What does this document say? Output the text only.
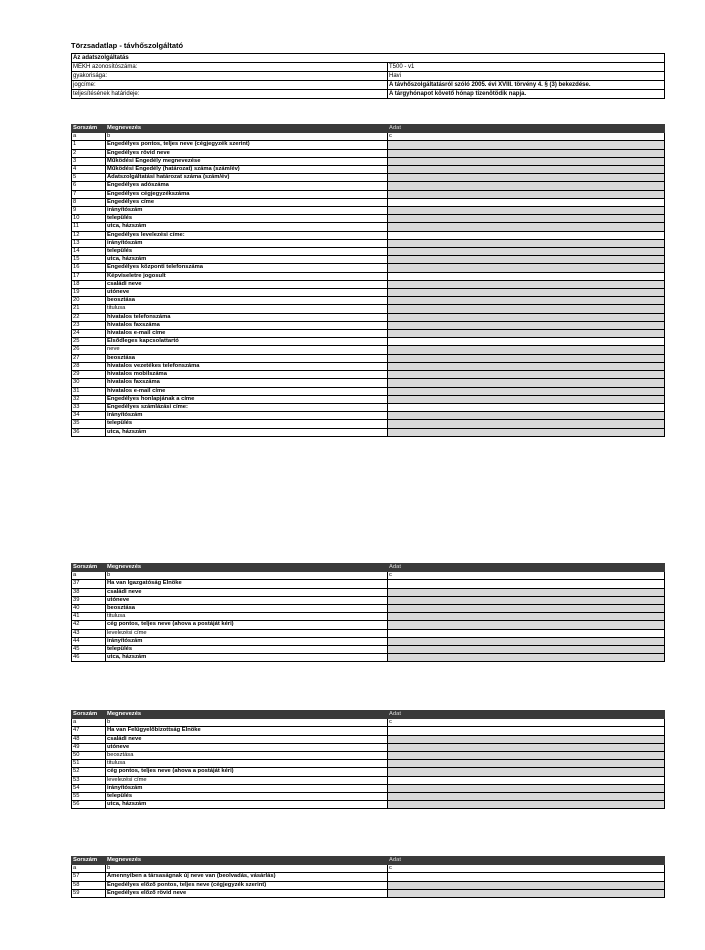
Törzsadatlap - távhőszolgáltató
Az adatszolgáltatás	
MEKH azonosítószáma:	T500 - v1
gyakorisága:	Havi
jogcíme:	A távhőszolgáltatásról szóló 2005. évi XVIII. törvény 4. § (3) bekezdése.
teljesítésének határideje:	A tárgyhónapot követő hónap tizenötödik napja.
Sorszám	Megnevezés	Adat
a	b	c
1	Engedélyes pontos, teljes neve (cégjegyzék szerint)	
2	Engedélyes rövid neve	
3	Működési Engedély megnevezése	
4	Működési Engedély (határozat) száma (szám/év)	
5	Adatszolgáltatási határozat száma (szám/év)	
6	Engedélyes adószáma	
7	Engedélyes cégjegyzékszáma	
8	Engedélyes címe	
9	irányítószám	
10	település	
11	utca, házszám	
12	Engedélyes levelezési címe:	
13	irányítószám	
14	település	
15	utca, házszám	
16	Engedélyes központi telefonszáma	
17	Képviseletre jogosult	
18	családi neve	
19	utóneve	
20	beosztása	
21	titulusa	
22	hivatalos telefonszáma	
23	hivatalos faxszáma	
24	hivatalos e-mail címe	
25	Elsődleges kapcsolattartó	
26	neve	
27	beosztása	
28	hivatalos vezetékes telefonszáma	
29	hivatalos mobilszáma	
30	hivatalos faxszáma	
31	hivatalos e-mail címe	
32	Engedélyes honlapjának a címe	
33	Engedélyes számlázási címe:	
34	irányítószám	
35	település	
36	utca, házszám	
Sorszám	Megnevezés	Adat
a	b	c
37	Ha van Igazgatóság Elnöke	
38	családi neve	
39	utóneve	
40	beosztása	
41	titulusa	
42	cég pontos, teljes neve (ahova a postáját kéri)	
43	levelezési címe	
44	irányítószám	
45	település	
46	utca, házszám	
Sorszám	Megnevezés	Adat
a	b	c
47	Ha van Felügyelőbizottság Elnöke	
48	családi neve	
49	utóneve	
50	beosztása	
51	titulusa	
52	cég pontos, teljes neve (ahova a postáját kéri)	
53	levelezési címe	
54	irányítószám	
55	település	
56	utca, házszám	
Sorszám	Megnevezés	Adat
a	b	c
57	Amennyiben a társaságnak új neve van (beolvadás, vásárlás)	
58	Engedélyes előző pontos, teljes neve (cégjegyzék szerint)	
59	Engedélyes előző rövid neve	
